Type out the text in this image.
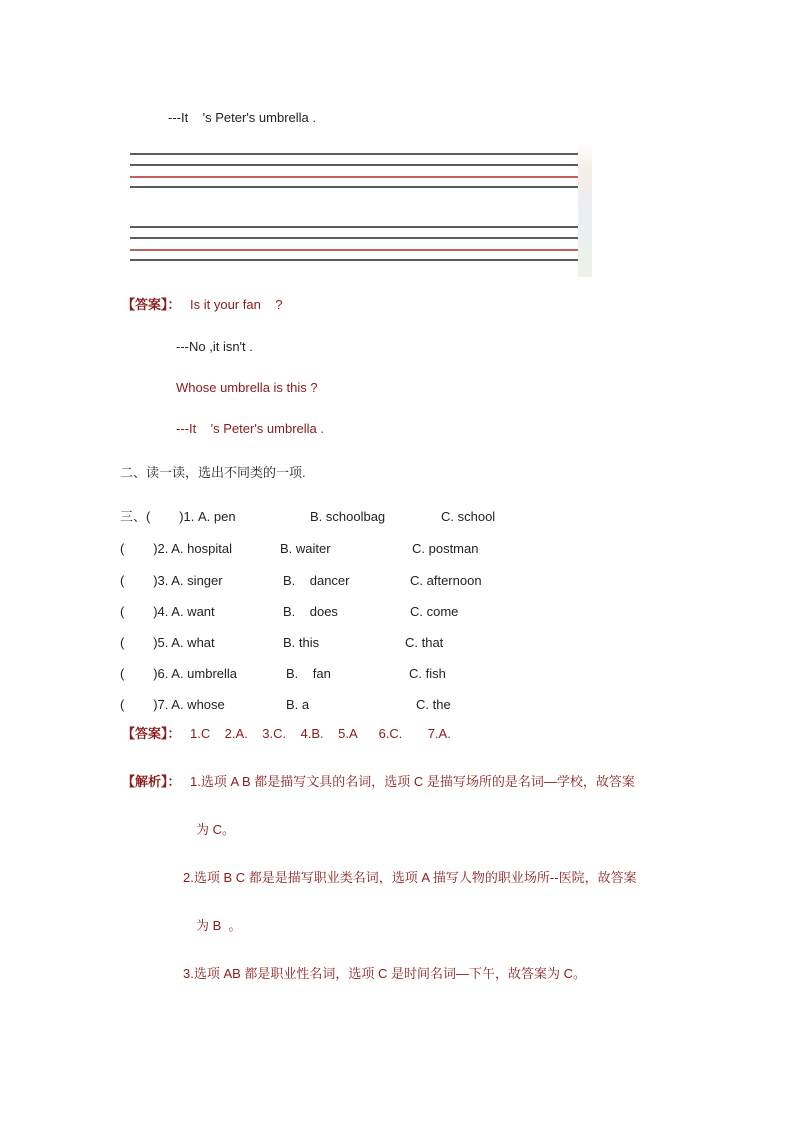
---It    's Peter's umbrella .
【答案】： Is it your fan    ?
---No ,it isn't .
Whose umbrella is this ?
---It    's Peter's umbrella .
二、读一读，选出不同类的一项.
三、(        )1. A. pen	B. schoolbag	C. school
(        )2. A. hospital	B. waiter	C. postman
(        )3. A. singer	B.    dancer	C. afternoon
(        )4. A. want	B.    does	C. come
(        )5. A. what	B. this	C. that
(        )6. A. umbrella	B.    fan	C. fish
(        )7. A. whose	B. a	C. the
【答案】： 1.C    2.A.    3.C.    4.B.    5.A      6.C.       7.A.
【解析】： 1.选项 A B 都是描写文具的名词，选项 C 是描写场所的是名词—学校，故答案
为 C。
2.选项 B C 都是是描写职业类名词，选项 A 描写人物的职业场所--医院，故答案
为 B  。
3.选项 AB 都是职业性名词，选项 C 是时间名词—下午，故答案为 C。
